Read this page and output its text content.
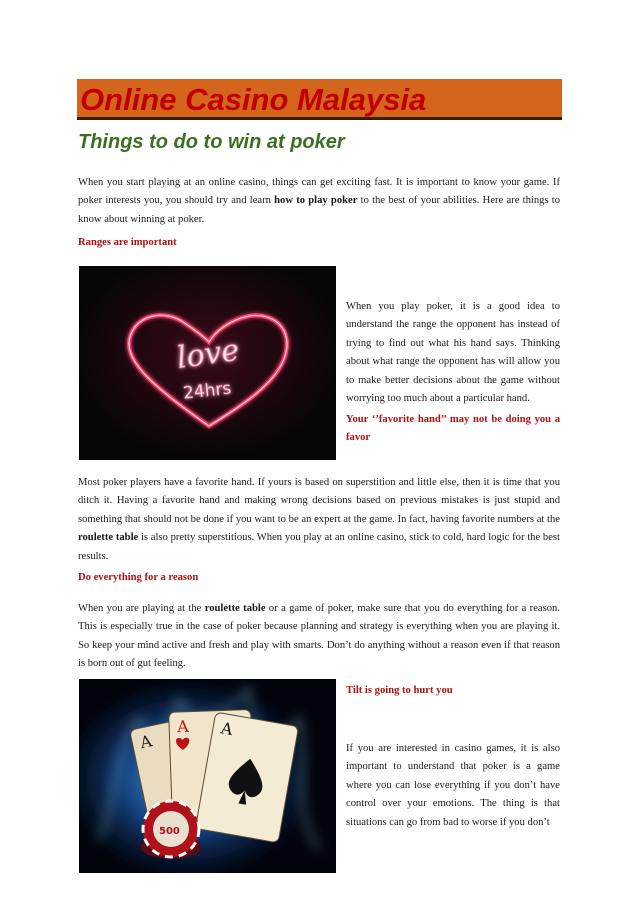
Online Casino Malaysia
Things to do to win at poker

When you start playing at an online casino, things can get exciting fast. It is important to know your game. If poker interests you, you should try and learn how to play poker to the best of your abilities. Here are things to know about winning at poker.

Ranges are important
love
24hrs

When you play poker, it is a good idea to understand the range the opponent has instead of trying to find out what his hand says. Thinking about what range the opponent has will allow you to make better decisions about the game without worrying too much about a particular hand.

Your ‘’favorite hand’’ may not be doing you a favor

Most poker players have a favorite hand. If yours is based on superstition and little else, then it is time that you ditch it. Having a favorite hand and making wrong decisions based on previous mistakes is just stupid and something that should not be done if you want to be an expert at the game. In fact, having favorite numbers at the roulette table is also pretty superstitious. When you play at an online casino, stick to cold, hard logic for the best results.

Do everything for a reason

When you are playing at the roulette table or a game of poker, make sure that you do everything for a reason. This is especially true in the case of poker because planning and strategy is everything when you are playing it. So keep your mind active and fresh and play with smarts. Don’t do anything without a reason even if that reason is born out of gut feeling.

A
A A
500

Tilt is going to hurt you

If you are interested in casino games, it is also important to understand that poker is a game where you can lose everything if you don’t have control over your emotions. The thing is that situations can go from bad to worse if you don’t
